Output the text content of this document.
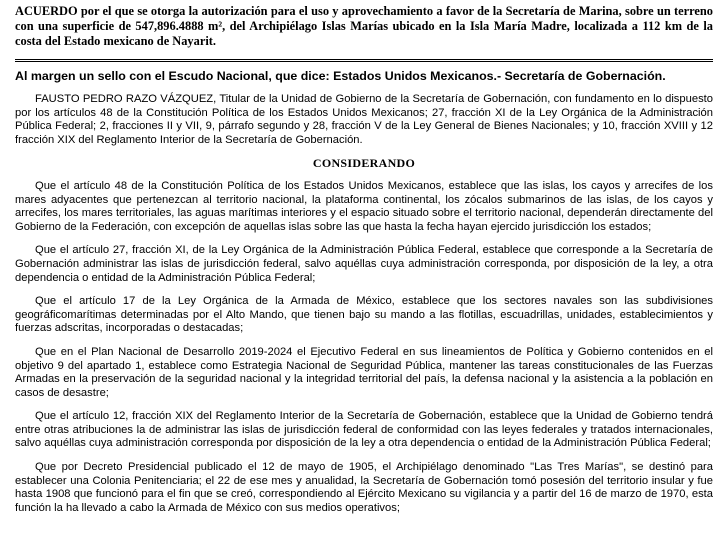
ACUERDO por el que se otorga la autorización para el uso y aprovechamiento a favor de la Secretaría de Marina, sobre un terreno con una superficie de 547,896.4888 m², del Archipiélago Islas Marías ubicado en la Isla María Madre, localizada a 112 km de la costa del Estado mexicano de Nayarit.
Al margen un sello con el Escudo Nacional, que dice: Estados Unidos Mexicanos.- Secretaría de Gobernación.

FAUSTO PEDRO RAZO VÁZQUEZ, Titular de la Unidad de Gobierno de la Secretaría de Gobernación, con fundamento en lo dispuesto por los artículos 48 de la Constitución Política de los Estados Unidos Mexicanos; 27, fracción XI de la Ley Orgánica de la Administración Pública Federal; 2, fracciones II y VII, 9, párrafo segundo y 28, fracción V de la Ley General de Bienes Nacionales; y 10, fracción XVIII y 12 fracción XIX del Reglamento Interior de la Secretaría de Gobernación.

CONSIDERANDO

Que el artículo 48 de la Constitución Política de los Estados Unidos Mexicanos, establece que las islas, los cayos y arrecifes de los mares adyacentes que pertenezcan al territorio nacional, la plataforma continental, los zócalos submarinos de las islas, de los cayos y arrecifes, los mares territoriales, las aguas marítimas interiores y el espacio situado sobre el territorio nacional, dependerán directamente del Gobierno de la Federación, con excepción de aquellas islas sobre las que hasta la fecha hayan ejercido jurisdicción los estados;

Que el artículo 27, fracción XI, de la Ley Orgánica de la Administración Pública Federal, establece que corresponde a la Secretaría de Gobernación administrar las islas de jurisdicción federal, salvo aquéllas cuya administración corresponda, por disposición de la ley, a otra dependencia o entidad de la Administración Pública Federal;

Que el artículo 17 de la Ley Orgánica de la Armada de México, establece que los sectores navales son las subdivisiones geográficomarítimas determinadas por el Alto Mando, que tienen bajo su mando a las flotillas, escuadrillas, unidades, establecimientos y fuerzas adscritas, incorporadas o destacadas;

Que en el Plan Nacional de Desarrollo 2019-2024 el Ejecutivo Federal en sus lineamientos de Política y Gobierno contenidos en el objetivo 9 del apartado 1, establece como Estrategia Nacional de Seguridad Pública, mantener las tareas constitucionales de las Fuerzas Armadas en la preservación de la seguridad nacional y la integridad territorial del país, la defensa nacional y la asistencia a la población en casos de desastre;

Que el artículo 12, fracción XIX del Reglamento Interior de la Secretaría de Gobernación, establece que la Unidad de Gobierno tendrá entre otras atribuciones la de administrar las islas de jurisdicción federal de conformidad con las leyes federales y tratados internacionales, salvo aquéllas cuya administración corresponda por disposición de la ley a otra dependencia o entidad de la Administración Pública Federal;

Que por Decreto Presidencial publicado el 12 de mayo de 1905, el Archipiélago denominado "Las Tres Marías", se destinó para establecer una Colonia Penitenciaria; el 22 de ese mes y anualidad, la Secretaría de Gobernación tomó posesión del territorio insular y fue hasta 1908 que funcionó para el fin que se creó, correspondiendo al Ejército Mexicano su vigilancia y a partir del 16 de marzo de 1970, esta función la ha llevado a cabo la Armada de México con sus medios operativos;
